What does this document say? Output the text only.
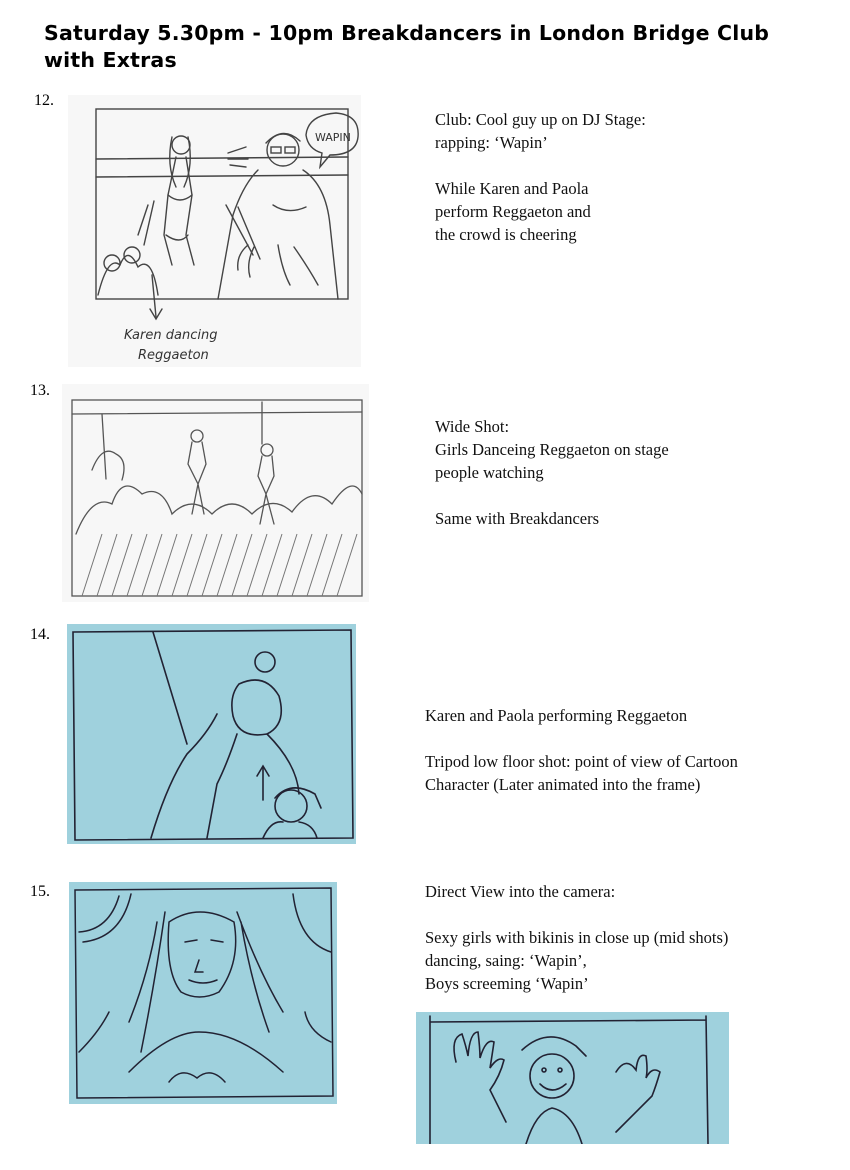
Saturday 5.30pm - 10pm Breakdancers in London Bridge Club
with Extras
12.
WAPIN
Karen dancing
Reggaeton

Club: Cool guy up on DJ Stage:
rapping: ‘Wapin’

While Karen and Paola
perform Reggaeton and
the crowd is cheering

13.

Wide Shot:
Girls Danceing Reggaeton on stage
people watching

Same with Breakdancers

14.

Karen and Paola performing Reggaeton

Tripod low floor shot: point of view of Cartoon
Character (Later animated into the frame)

15.	Direct View into the camera:

Sexy girls with bikinis in close up (mid shots)
dancing, saing: ‘Wapin’,
Boys screeming ‘Wapin’
